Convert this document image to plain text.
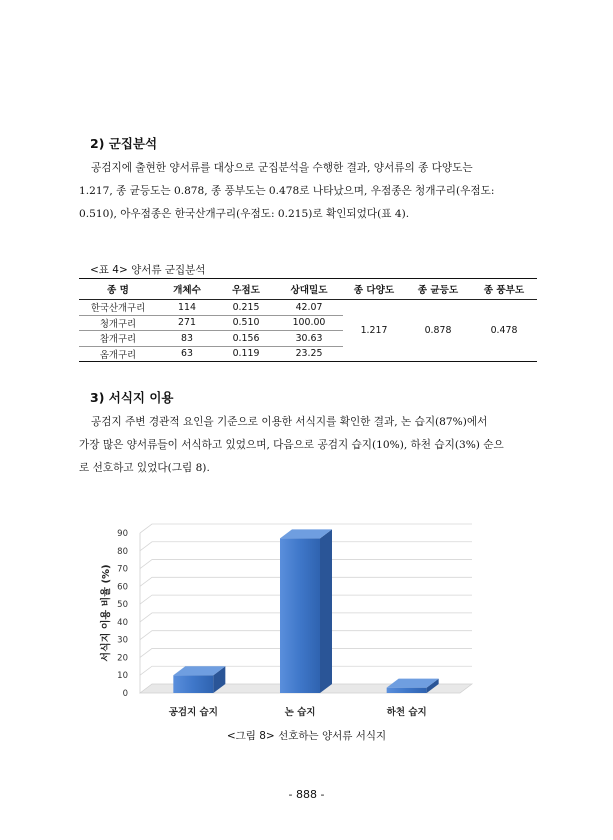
2) 군집분석

공검지에 출현한 양서류를 대상으로 군집분석을 수행한 결과, 양서류의 종 다양도는

1.217, 종 균등도는 0.878, 종 풍부도는 0.478로 나타났으며, 우점종은 청개구리(우점도:

0.510), 아우점종은 한국산개구리(우점도: 0.215)로 확인되었다(표 4).

<표 4> 양서류 군집분석
종 명	개체수	우점도	상대밀도	종 다양도	종 균등도	종 풍부도
한국산개구리	114	0.215	42.07	1.217	0.878	0.478
청개구리	271	0.510	100.00			
참개구리	83	0.156	30.63			
옴개구리	63	0.119	23.25			
3) 서식지 이용

공검지 주변 경관적 요인을 기준으로 이용한 서식지를 확인한 결과, 논 습지(87%)에서

가장 많은 양서류들이 서식하고 있었으며, 다음으로 공검지 습지(10%), 하천 습지(3%) 순으

로 선호하고 있었다(그림 8).

서식지 이용 비율 (%)
0
10
20
30
40
50
60
70
80
90
공검지 습지	논 습지	하천 습지
<그림 8> 선호하는 양서류 서식지
- 888 -
